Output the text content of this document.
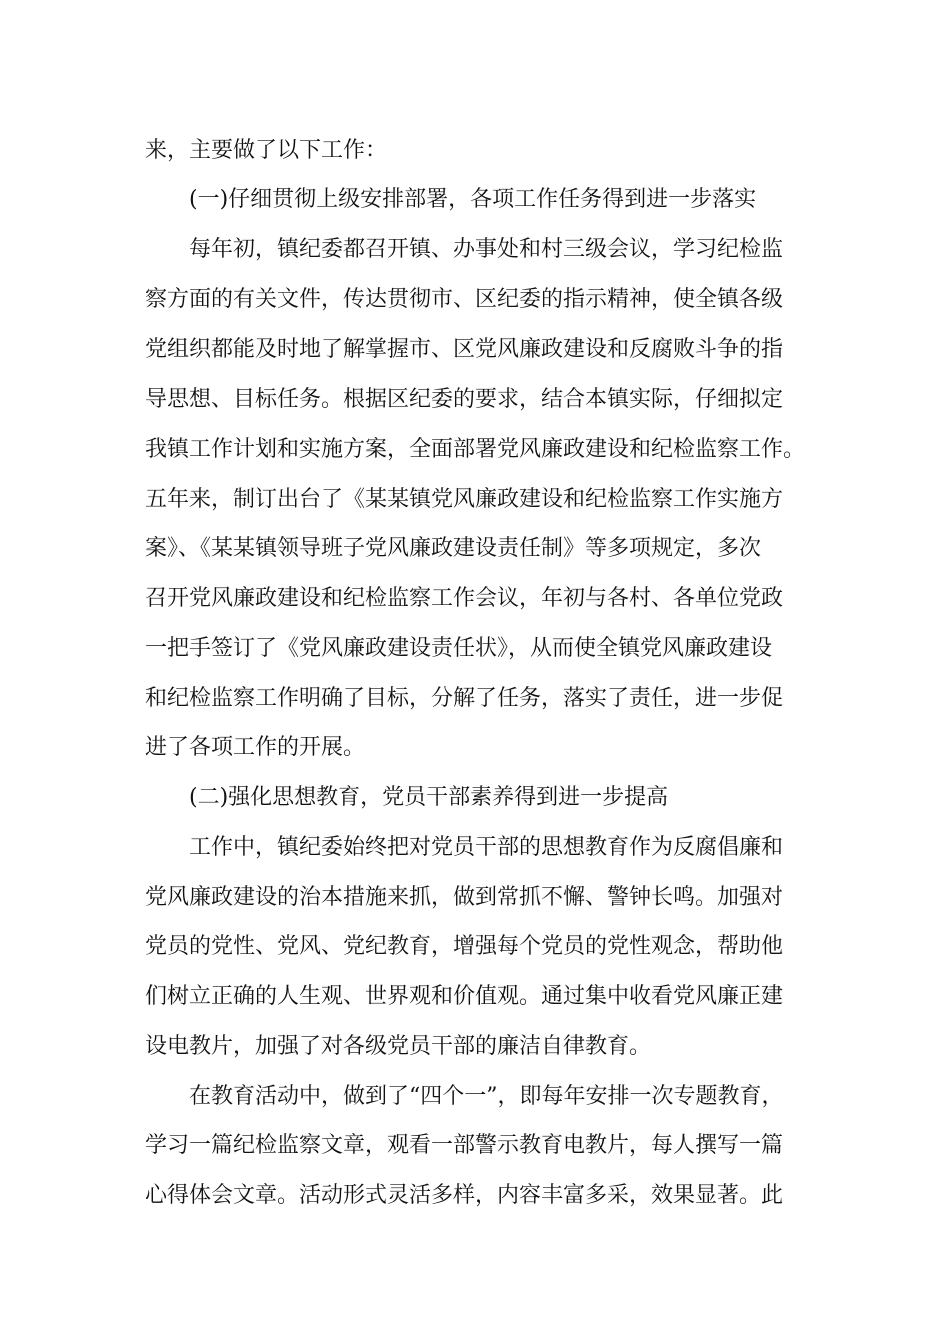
来，主要做了以下工作：
(一)仔细贯彻上级安排部署，各项工作任务得到进一步落实
每年初，镇纪委都召开镇、办事处和村三级会议，学习纪检监
察方面的有关文件，传达贯彻市、区纪委的指示精神，使全镇各级
党组织都能及时地了解掌握市、区党风廉政建设和反腐败斗争的指
导思想、目标任务。根据区纪委的要求，结合本镇实际，仔细拟定
我镇工作计划和实施方案，全面部署党风廉政建设和纪检监察工作。
五年来，制订出台了《某某镇党风廉政建设和纪检监察工作实施方
案》、《某某镇领导班子党风廉政建设责任制》等多项规定，多次
召开党风廉政建设和纪检监察工作会议，年初与各村、各单位党政
一把手签订了《党风廉政建设责任状》，从而使全镇党风廉政建设
和纪检监察工作明确了目标，分解了任务，落实了责任，进一步促
进了各项工作的开展。
(二)强化思想教育，党员干部素养得到进一步提高
工作中，镇纪委始终把对党员干部的思想教育作为反腐倡廉和
党风廉政建设的治本措施来抓，做到常抓不懈、警钟长鸣。加强对
党员的党性、党风、党纪教育，增强每个党员的党性观念，帮助他
们树立正确的人生观、世界观和价值观。通过集中收看党风廉正建
设电教片，加强了对各级党员干部的廉洁自律教育。
在教育活动中，做到了“四个一”，即每年安排一次专题教育，
学习一篇纪检监察文章，观看一部警示教育电教片，每人撰写一篇
心得体会文章。活动形式灵活多样，内容丰富多采，效果显著。此
